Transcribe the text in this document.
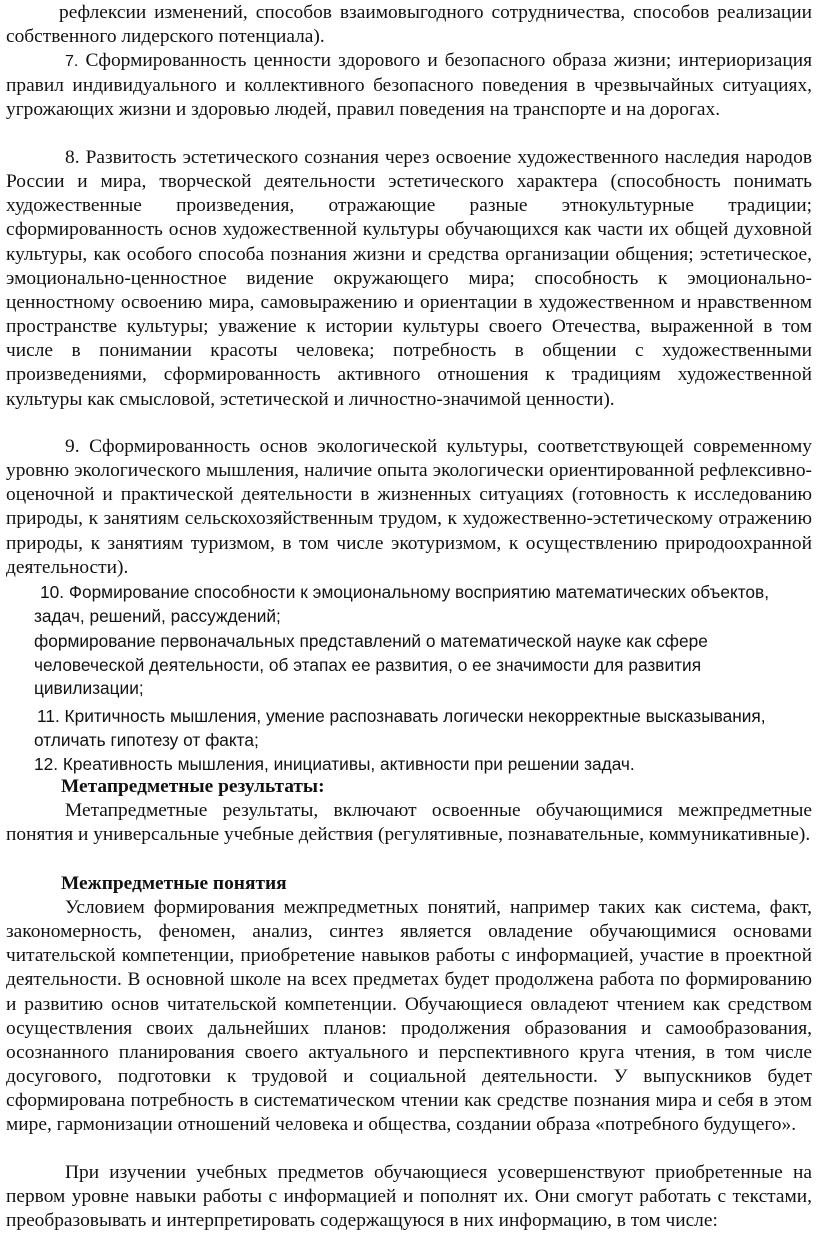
рефлексии изменений, способов взаимовыгодного сотрудничества, способов реализации собственного лидерского потенциала).

7. Сформированность ценности здорового и безопасного образа жизни; интериоризация правил индивидуального и коллективного безопасного поведения в чрезвычайных ситуациях, угрожающих жизни и здоровью людей, правил поведения на транспорте и на дорогах.

8. Развитость эстетического сознания через освоение художественного наследия народов России и мира, творческой деятельности эстетического характера (способность понимать художественные произведения, отражающие разные этнокультурные традиции; сформированность основ художественной культуры обучающихся как части их общей духовной культуры, как особого способа познания жизни и средства организации общения; эстетическое, эмоционально-ценностное видение окружающего мира; способность к эмоционально-ценностному освоению мира, самовыражению и ориентации в художественном и нравственном пространстве культуры; уважение к истории культуры своего Отечества, выраженной в том числе в понимании красоты человека; потребность в общении с художественными произведениями, сформированность активного отношения к традициям художественной культуры как смысловой, эстетической и личностно-значимой ценности).

9. Сформированность основ экологической культуры, соответствующей современному уровню экологического мышления, наличие опыта экологически ориентированной рефлексивно-оценочной и практической деятельности в жизненных ситуациях (готовность к исследованию природы, к занятиям сельскохозяйственным трудом, к художественно-эстетическому отражению природы, к занятиям туризмом, в том числе экотуризмом, к осуществлению природоохранной деятельности).

10. Формирование способности к эмоциональному восприятию математических объектов, задач, решений, рассуждений;

формирование первоначальных представлений о математической науке как сфере человеческой деятельности, об этапах ее развития, о ее значимости для развития цивилизации;

11. Критичность мышления, умение распознавать логически некорректные высказывания, отличать гипотезу от факта;

12. Креативность мышления, инициативы, активности при решении задач.

Метапредметные результаты:

Метапредметные результаты, включают освоенные обучающимися межпредметные понятия и универсальные учебные действия (регулятивные, познавательные, коммуникативные).

Межпредметные понятия

Условием формирования межпредметных понятий, например таких как система, факт, закономерность, феномен, анализ, синтез является овладение обучающимися основами читательской компетенции, приобретение навыков работы с информацией, участие в проектной деятельности. В основной школе на всех предметах будет продолжена работа по формированию и развитию основ читательской компетенции. Обучающиеся овладеют чтением как средством осуществления своих дальнейших планов: продолжения образования и самообразования, осознанного планирования своего актуального и перспективного круга чтения, в том числе досугового, подготовки к трудовой и социальной деятельности. У выпускников будет сформирована потребность в систематическом чтении как средстве познания мира и себя в этом мире, гармонизации отношений человека и общества, создании образа «потребного будущего».

При изучении учебных предметов обучающиеся усовершенствуют приобретенные на первом уровне навыки работы с информацией и пополнят их. Они смогут работать с текстами, преобразовывать и интерпретировать содержащуюся в них информацию, в том числе:
